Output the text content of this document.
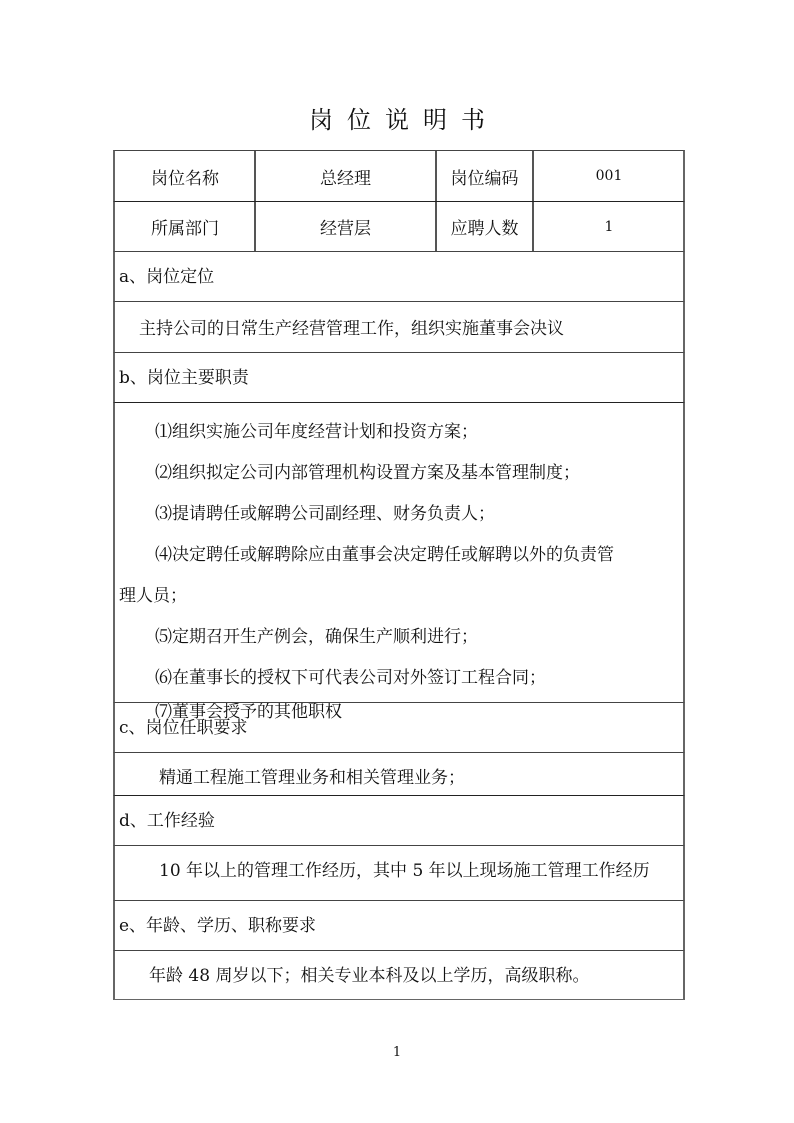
岗位说明书
岗位名称	总经理	岗位编码	001
所属部门	经营层	应聘人数	1
a、岗位定位
主持公司的日常生产经营管理工作，组织实施董事会决议
b、岗位主要职责
⑴组织实施公司年度经营计划和投资方案；
⑵组织拟定公司内部管理机构设置方案及基本管理制度；
⑶提请聘任或解聘公司副经理、财务负责人；
⑷决定聘任或解聘除应由董事会决定聘任或解聘以外的负责管
理人员；
⑸定期召开生产例会，确保生产顺利进行；
⑹在董事长的授权下可代表公司对外签订工程合同；
⑺董事会授予的其他职权
c、岗位任职要求
精通工程施工管理业务和相关管理业务；
d、工作经验
10 年以上的管理工作经历，其中 5 年以上现场施工管理工作经历
e、年龄、学历、职称要求
年龄 48 周岁以下；相关专业本科及以上学历，高级职称。
1
